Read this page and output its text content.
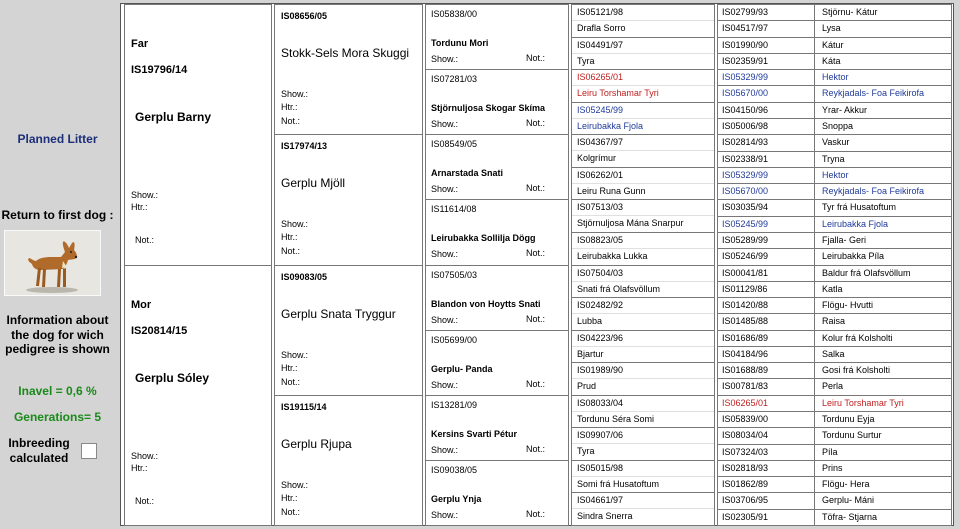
Planned Litter
Return to first dog :
Information about the dog for wich pedigree is shown
Inavel = 0,6 %
Generations= 5
Inbreeding calculated
Far
IS19796/14
Gerplu Barny
Show.:
Htr.:
Not.:
Mor
IS20814/15
Gerplu Sóley
Show.:
Htr.:
Not.:
IS08656/05
Stokk-Sels Mora Skuggi
Show.:
Htr.:
Not.:
IS17974/13
Gerplu Mjöll
Show.:
Htr.:
Not.:
IS09083/05
Gerplu Snata Tryggur
Show.:
Htr.:
Not.:
IS19115/14
Gerplu Rjupa
Show.:
Htr.:
Not.:
IS05838/00
Tordunu Mori
Show.:	Not.:
IS07281/03
Stjörnuljosa Skogar Skíma
Show.:	Not.:
IS08549/05
Arnarstada Snati
Show.:	Not.:
IS11614/08
Leirubakka Sollilja Dögg
Show.:	Not.:
IS07505/03
Blandon von Hoytts Snati
Show.:	Not.:
IS05699/00
Gerplu- Panda
Show.:	Not.:
IS13281/09
Kersins Svarti Pétur
Show.:	Not.:
IS09038/05
Gerplu Ynja
Show.:	Not.:
IS05121/98
Drafla Sorro
IS04491/97
Tyra
IS06265/01
Leiru Torshamar Tyri
IS05245/99
Leirubakka Fjola
IS04367/97
Kolgrímur
IS06262/01
Leiru Runa Gunn
IS07513/03
Stjörnuljosa Mána Snarpur
IS08823/05
Leirubakka Lukka
IS07504/03
Snati frá Olafsvöllum
IS02482/92
Lubba
IS04223/96
Bjartur
IS01989/90
Prud
IS08033/04
Tordunu Séra Somi
IS09907/06
Tyra
IS05015/98
Somi frá Husatoftum
IS04661/97
Sindra Snerra
IS02799/93	Stjörnu- Kátur
IS04517/97	Lysa
IS01990/90	Kátur
IS02359/91	Káta
IS05329/99	Hektor
IS05670/00	Reykjadals- Foa Feikirofa
IS04150/96	Yrar- Akkur
IS05006/98	Snoppa
IS02814/93	Vaskur
IS02338/91	Tryna
IS05329/99	Hektor
IS05670/00	Reykjadals- Foa Feikirofa
IS03035/94	Tyr frá Husatoftum
IS05245/99	Leirubakka Fjola
IS05289/99	Fjalla- Geri
IS05246/99	Leirubakka Píla
IS00041/81	Baldur frá Olafsvöllum
IS01129/86	Katla
IS01420/88	Flögu- Hvutti
IS01485/88	Raisa
IS01686/89	Kolur frá Kolsholti
IS04184/96	Salka
IS01688/89	Gosi frá Kolsholti
IS00781/83	Perla
IS06265/01	Leiru Torshamar Tyri
IS05839/00	Tordunu Eyja
IS08034/04	Tordunu Surtur
IS07324/03	Píla
IS02818/93	Prins
IS01862/89	Flögu- Hera
IS03706/95	Gerplu- Máni
IS02305/91	Töfra- Stjarna
